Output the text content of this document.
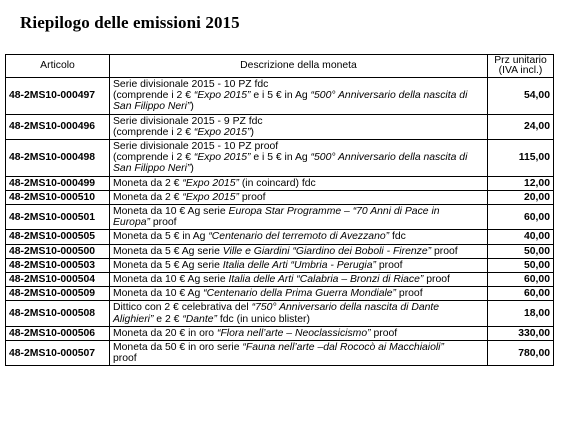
Riepilogo delle emissioni 2015
Articolo	Descrizione della moneta	Prz unitario
(IVA incl.)

48-2MS10-000497	Serie divisionale 2015 - 10 PZ fdc
(comprende i 2 € “Expo 2015” e i 5 € in Ag “500° Anniversario della nascita di
San Filippo Neri”)	54,00
48-2MS10-000496	Serie divisionale 2015 - 9 PZ fdc
(comprende i 2 € “Expo 2015”)	24,00
48-2MS10-000498	Serie divisionale 2015 - 10 PZ proof
(comprende i 2 € “Expo 2015” e i 5 € in Ag “500° Anniversario della nascita di
San Filippo Neri”)	115,00
48-2MS10-000499	Moneta da 2 € “Expo 2015” (in coincard) fdc	12,00
48-2MS10-000510	Moneta da 2 € “Expo 2015” proof	20,00
48-2MS10-000501	Moneta da 10 € Ag serie Europa Star Programme – “70 Anni di Pace in
Europa” proof	60,00
48-2MS10-000505	Moneta da 5 € in Ag “Centenario del terremoto di Avezzano” fdc	40,00
48-2MS10-000500	Moneta da 5 € Ag serie Ville e Giardini “Giardino dei Boboli - Firenze” proof	50,00
48-2MS10-000503	Moneta da 5 € Ag serie Italia delle Arti “Umbria - Perugia” proof	50,00
48-2MS10-000504	Moneta da 10 € Ag serie Italia delle Arti “Calabria – Bronzi di Riace” proof	60,00
48-2MS10-000509	Moneta da 10 € Ag “Centenario della Prima Guerra Mondiale” proof	60,00
48-2MS10-000508	Dittico con 2 € celebrativa del “750° Anniversario della nascita di Dante
Alighieri” e 2 € “Dante” fdc (in unico blister)	18,00
48-2MS10-000506	Moneta da 20 € in oro “Flora nell’arte – Neoclassicismo” proof	330,00
48-2MS10-000507	Moneta da 50 € in oro serie “Fauna nell’arte –dal Rococò ai Macchiaioli”
proof	780,00
